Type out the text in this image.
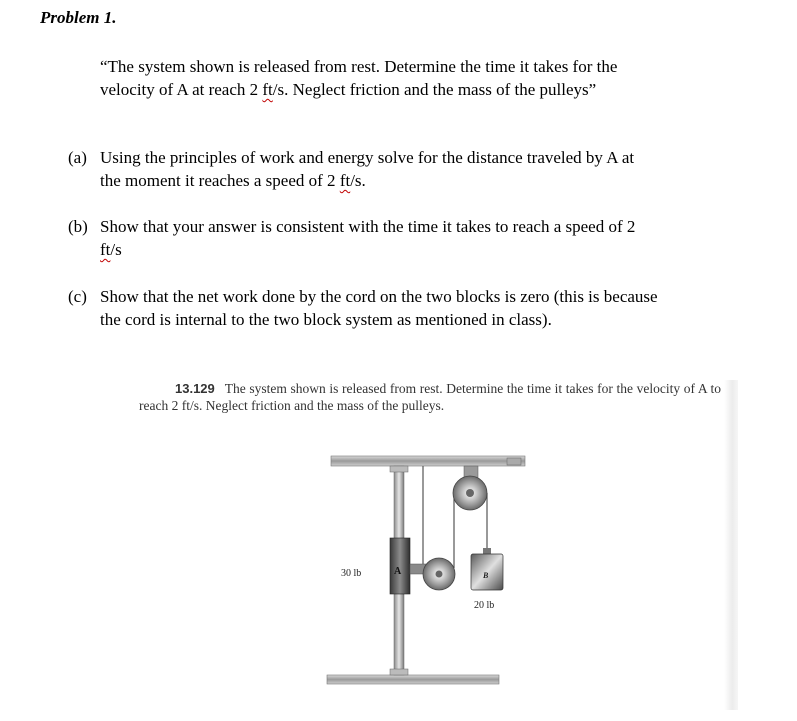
Problem 1.
“The system shown is released from rest. Determine the time it takes for the
velocity of A at reach 2 ft/s. Neglect friction and the mass of the pulleys”
(a) Using the principles of work and energy solve for the distance traveled by A at
the moment it reaches a speed of 2 ft/s.
(b) Show that your answer is consistent with the time it takes to reach a speed of 2
ft/s
(c) Show that the net work done by the cord on the two blocks is zero (this is because
the cord is internal to the two block system as mentioned in class).
13.129 The system shown is released from rest. Determine the time it takes for the velocity of A to reach 2 ft/s. Neglect friction and the mass of the pulleys.
A
30 lb	B
20 lb
